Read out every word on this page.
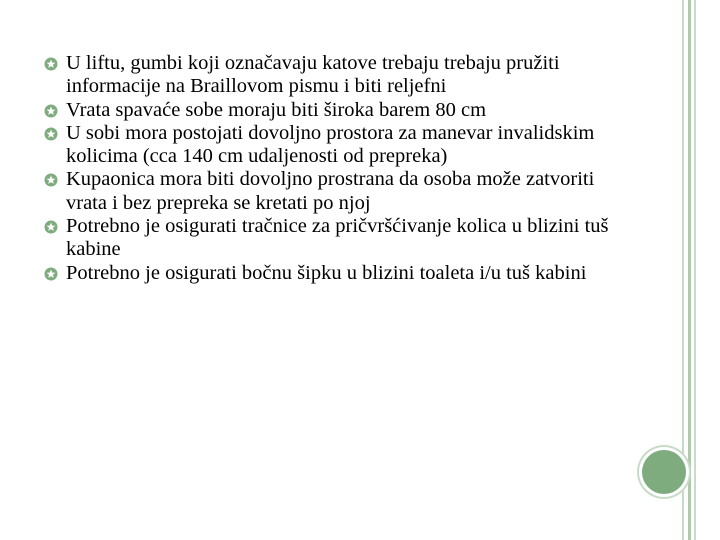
U liftu, gumbi koji označavaju katove trebaju trebaju pružiti informacije na Braillovom pismu i biti reljefni
Vrata spavaće sobe moraju biti široka barem 80 cm
U sobi mora postojati dovoljno prostora za manevar invalidskim kolicima (cca 140 cm udaljenosti od prepreka)
Kupaonica mora biti dovoljno prostrana da osoba može zatvoriti vrata i bez prepreka se kretati po njoj
Potrebno je osigurati tračnice za pričvršćivanje kolica u blizini tuš kabine
Potrebno je osigurati bočnu šipku u blizini toaleta i/u tuš kabini
